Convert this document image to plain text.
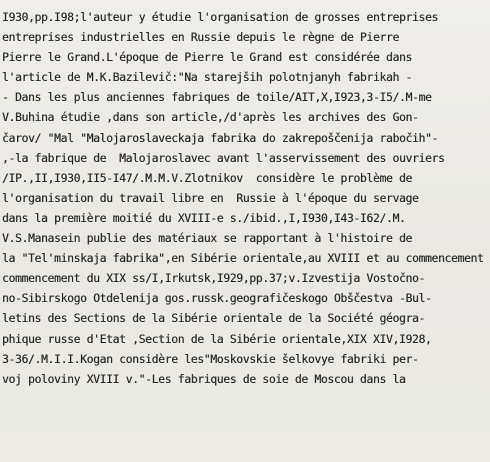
I930,pp.I98;l'auteur y étudie l'organisation de grosses entreprises
entreprises industrielles en Russie depuis le règne de Pierre
Pierre le Grand.L'époque de Pierre le Grand est considérée dans
l'article de M.K.Bazilevič:"Na starejših polotnjanyh fabrikah -
- Dans les plus anciennes fabriques de toile/AIT,X,I923,3-I5/.M-me
V.Buhina étudie ,dans son article,/d'après les archives des Gon-
čarov/ "Mal "Malojaroslaveckaja fabrika do zakrepoščenija rabočih"-
,-la fabrique de  Malojaroslavec avant l'asservissement des ouvriers
/IP.,II,I930,II5-I47/.M.M.V.Zlotnikov  considère le problème de
l'organisation du travail libre en  Russie à l'époque du servage
dans la première moitié du XVIII-e s./ibid.,I,I930,I43-I62/.M.
V.S.Manasein publie des matériaux se rapportant à l'histoire de
la "Tel'minskaja fabrika",en Sibérie orientale,au XVIII et au commencement
commencement du XIX ss/I,Irkutsk,I929,pp.37;v.Izvestija Vostočno-
no-Sibirskogo Otdelenija gos.russk.geografičeskogo Obščestva -Bul-
letins des Sections de la Sibérie orientale de la Société géogra-
phique russe d'Etat ,Section de la Sibérie orientale,XIX XIV,I928,
3-36/.M.I.I.Kogan considère les"Moskovskie šelkovye fabriki per-
voj poloviny XVIII v."-Les fabriques de soie de Moscou dans la
